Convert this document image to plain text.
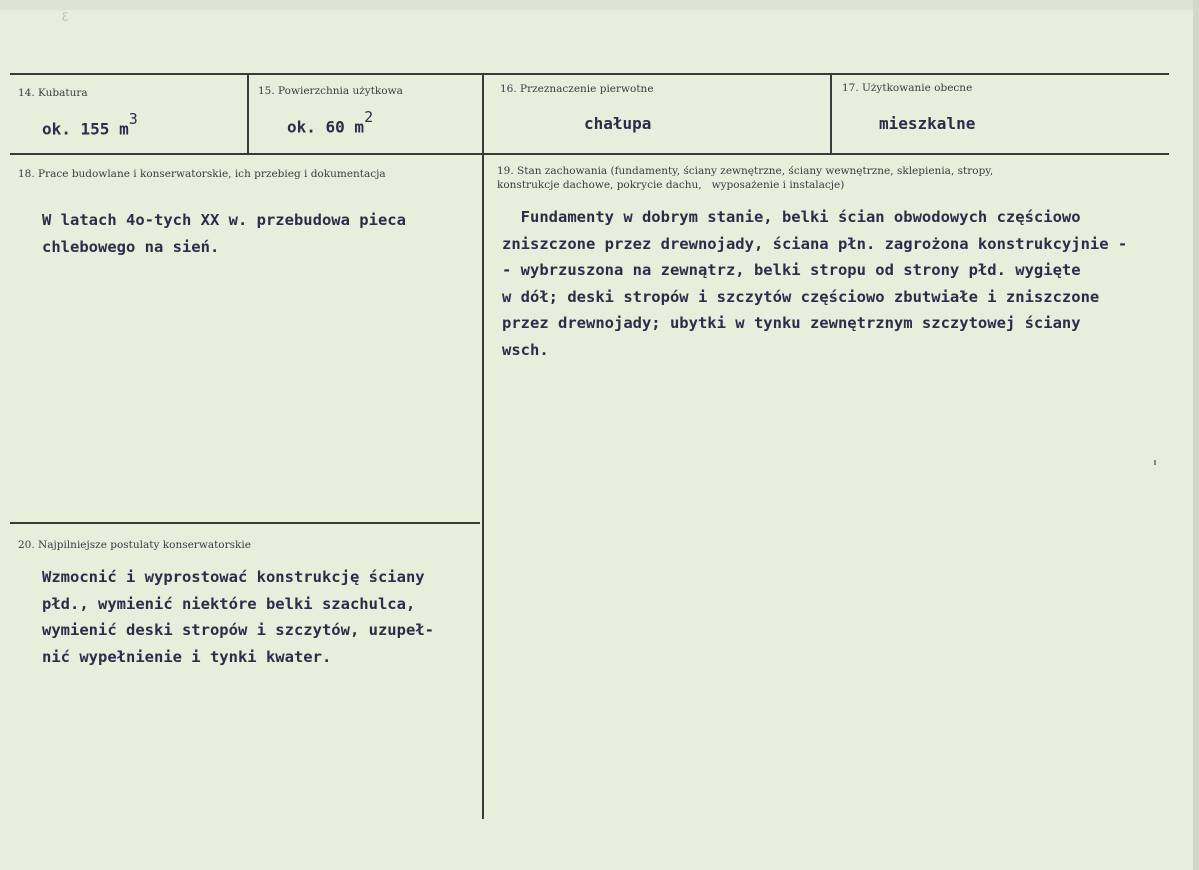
ꜫ
14. Kubatura
ok. 155 $m^3$
15. Powierzchnia użytkowa
ok. 60 $m^2$
16. Przeznaczenie pierwotne
chałupa
17. Użytkowanie obecne
mieszkalne
18. Prace budowlane i konserwatorskie, ich przebieg i dokumentacja
W latach 4o-tych XX w. przebudowa pieca
chlebowego na sień.
19. Stan zachowania (fundamenty, ściany zewnętrzne, ściany wewnętrzne, sklepienia, stropy,
konstrukcje dachowe, pokrycie dachu,   wyposażenie i instalacje)
Fundamenty w dobrym stanie, belki ścian obwodowych częściowo
zniszczone przez drewnojady, ściana płn. zagrożona konstrukcyjnie -
- wybrzuszona na zewnątrz, belki stropu od strony płd. wygięte
w dół; deski stropów i szczytów częściowo zbutwiałe i zniszczone
przez drewnojady; ubytki w tynku zewnętrznym szczytowej ściany
wsch.
20. Najpilniejsze postulaty konserwatorskie
Wzmocnić i wyprostować konstrukcję ściany
płd., wymienić niektóre belki szachulca,
wymienić deski stropów i szczytów, uzupeł-
nić wypełnienie i tynki kwater.
